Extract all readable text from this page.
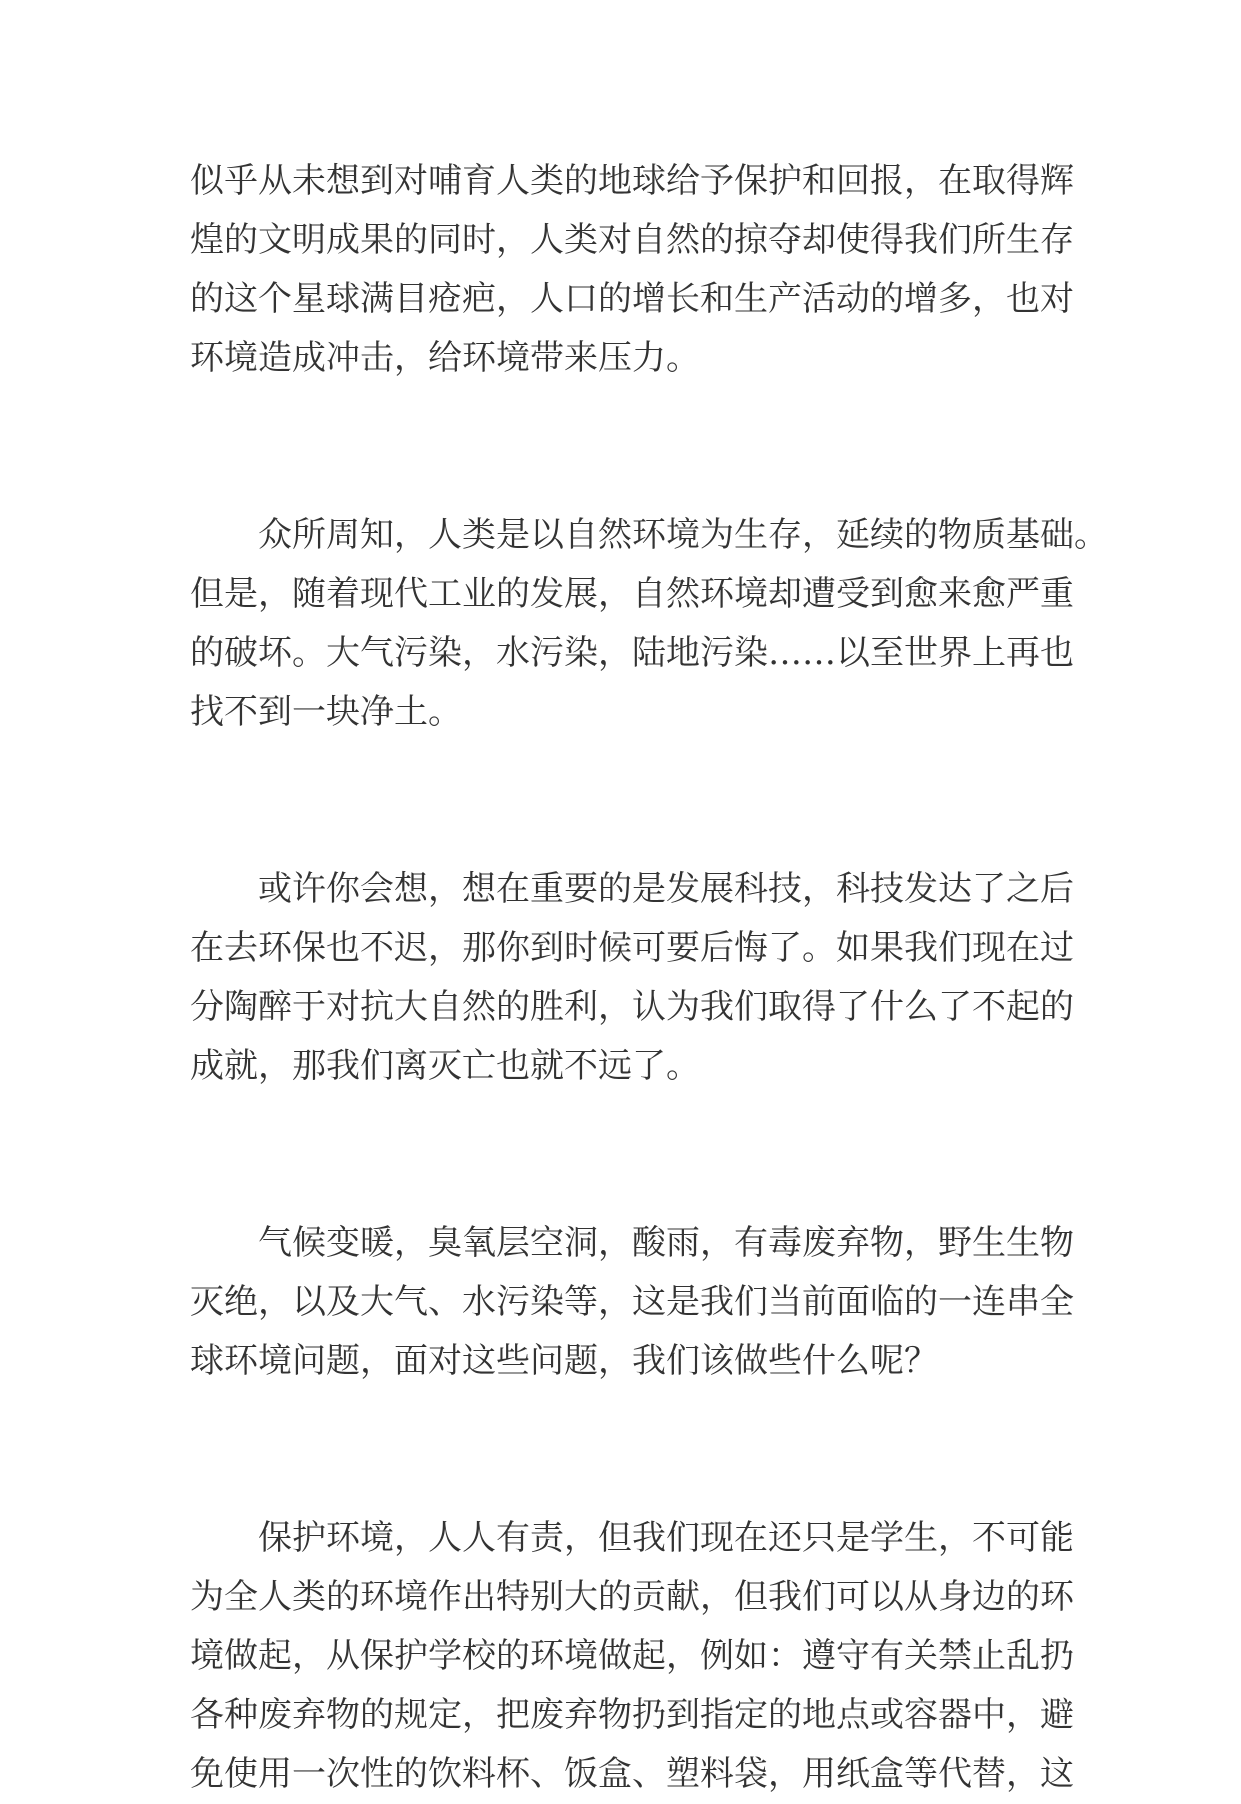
似乎从未想到对哺育人类的地球给予保护和回报，在取得辉
煌的文明成果的同时，人类对自然的掠夺却使得我们所生存
的这个星球满目疮疤，人口的增长和生产活动的增多，也对
环境造成冲击，给环境带来压力。
众所周知，人类是以自然环境为生存，延续的物质基础。
但是，随着现代工业的发展，自然环境却遭受到愈来愈严重
的破坏。大气污染，水污染，陆地污染……以至世界上再也
找不到一块净土。
或许你会想，想在重要的是发展科技，科技发达了之后
在去环保也不迟，那你到时候可要后悔了。如果我们现在过
分陶醉于对抗大自然的胜利，认为我们取得了什么了不起的
成就，那我们离灭亡也就不远了。
气候变暖，臭氧层空洞，酸雨，有毒废弃物，野生生物
灭绝，以及大气、水污染等，这是我们当前面临的一连串全
球环境问题，面对这些问题，我们该做些什么呢？
保护环境，人人有责，但我们现在还只是学生，不可能
为全人类的环境作出特别大的贡献，但我们可以从身边的环
境做起，从保护学校的环境做起，例如：遵守有关禁止乱扔
各种废弃物的规定，把废弃物扔到指定的地点或容器中，避
免使用一次性的饮料杯、饭盒、塑料袋，用纸盒等代替，这
